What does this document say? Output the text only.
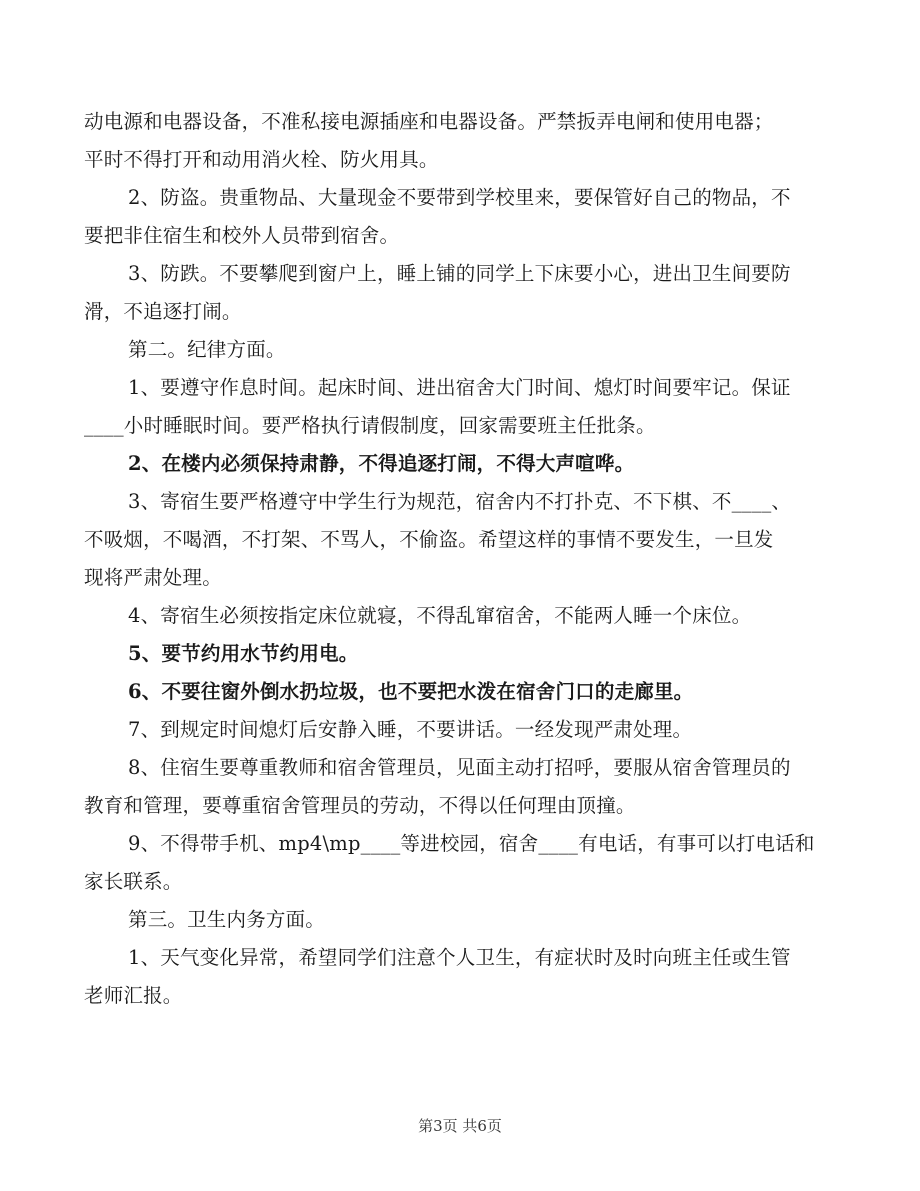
动电源和电器设备，不准私接电源插座和电器设备。严禁扳弄电闸和使用电器；
平时不得打开和动用消火栓、防火用具。
2、防盗。贵重物品、大量现金不要带到学校里来，要保管好自己的物品，不
要把非住宿生和校外人员带到宿舍。
3、防跌。不要攀爬到窗户上，睡上铺的同学上下床要小心，进出卫生间要防
滑，不追逐打闹。
第二。纪律方面。
1、要遵守作息时间。起床时间、进出宿舍大门时间、熄灯时间要牢记。保证
____小时睡眠时间。要严格执行请假制度，回家需要班主任批条。
2、在楼内必须保持肃静，不得追逐打闹，不得大声喧哗。
3、寄宿生要严格遵守中学生行为规范，宿舍内不打扑克、不下棋、不____、
不吸烟，不喝酒，不打架、不骂人，不偷盗。希望这样的事情不要发生，一旦发
现将严肃处理。
4、寄宿生必须按指定床位就寝，不得乱窜宿舍，不能两人睡一个床位。
5、要节约用水节约用电。
6、不要往窗外倒水扔垃圾，也不要把水泼在宿舍门口的走廊里。
7、到规定时间熄灯后安静入睡，不要讲话。一经发现严肃处理。
8、住宿生要尊重教师和宿舍管理员，见面主动打招呼，要服从宿舍管理员的
教育和管理，要尊重宿舍管理员的劳动，不得以任何理由顶撞。
9、不得带手机、mp4\mp____等进校园，宿舍____有电话，有事可以打电话和
家长联系。
第三。卫生内务方面。
1、天气变化异常，希望同学们注意个人卫生，有症状时及时向班主任或生管
老师汇报。
第3页 共6页
